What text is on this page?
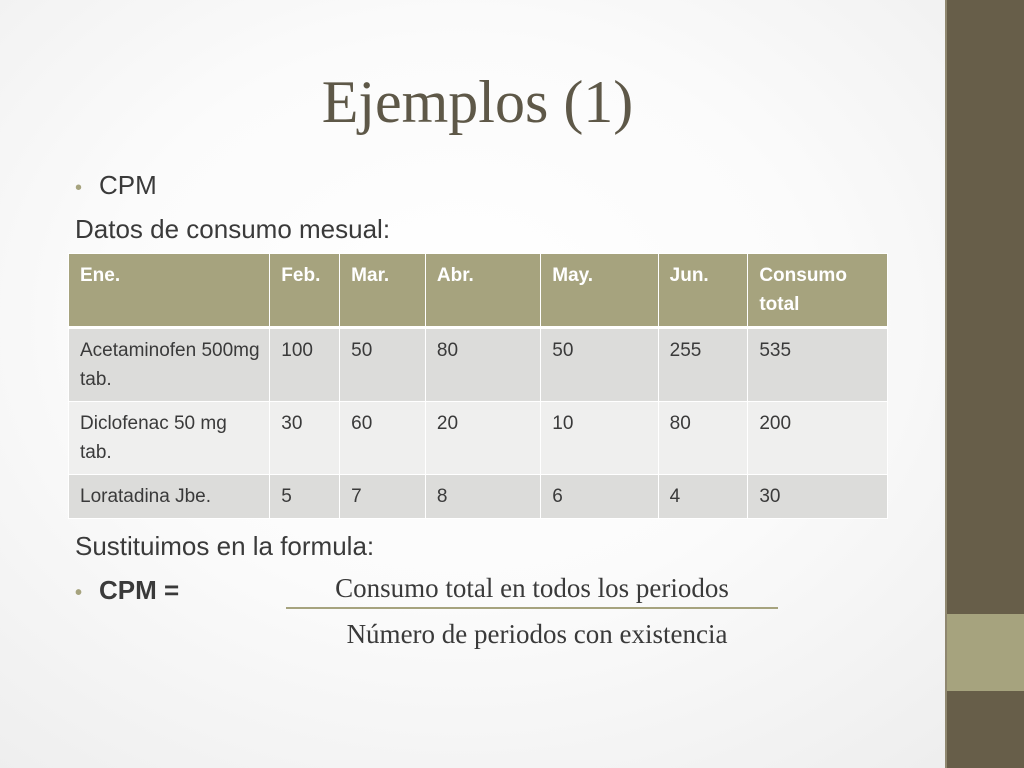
Ejemplos (1)
• CPM
Datos de consumo mesual:
Ene.	Feb.	Mar.	Abr.	May.	Jun.	Consumo total
Acetaminofen 500mg tab.	100	50	80	50	255	535
Diclofenac 50 mg tab.	30	60	20	10	80	200
Loratadina Jbe.	5	7	8	6	4	30
Sustituimos en la formula:
• CPM =	Consumo total en todos los periodos
Número de periodos con existencia
